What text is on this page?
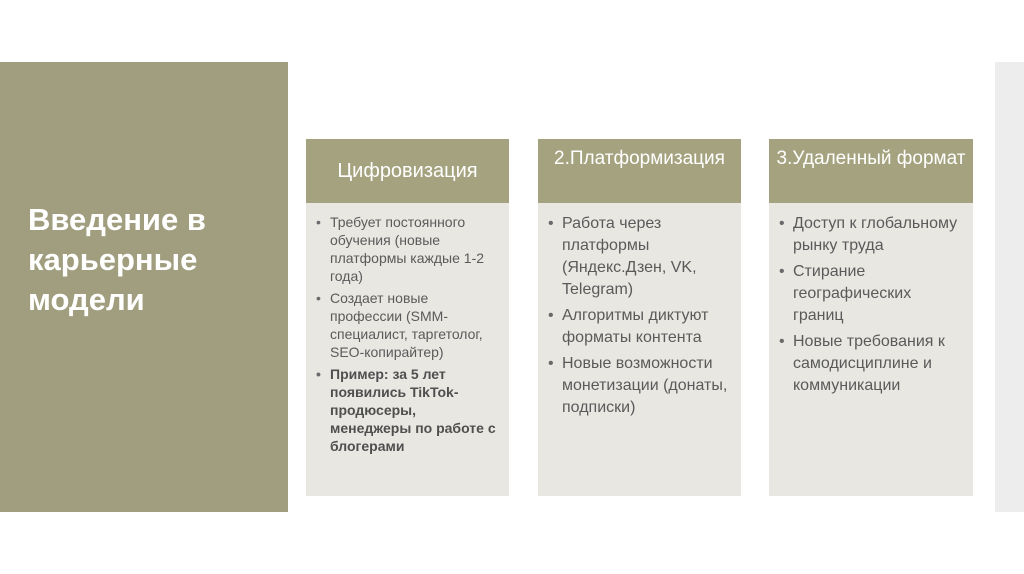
Введение в карьерные модели
Цифровизация
• Требует постоянного обучения (новые платформы каждые 1-2 года)
• Создает новые профессии (SMM-специалист, таргетолог, SEO-копирайтер)
• Пример: за 5 лет появились TikTok-продюсеры, менеджеры по работе с блогерами
2.Платформизация
• Работа через платформы (Яндекс.Дзен, VK, Telegram)
• Алгоритмы диктуют форматы контента
• Новые возможности монетизации (донаты, подписки)
3.Удаленный формат
• Доступ к глобальному рынку труда
• Стирание географических границ
• Новые требования к самодисциплине и коммуникации
